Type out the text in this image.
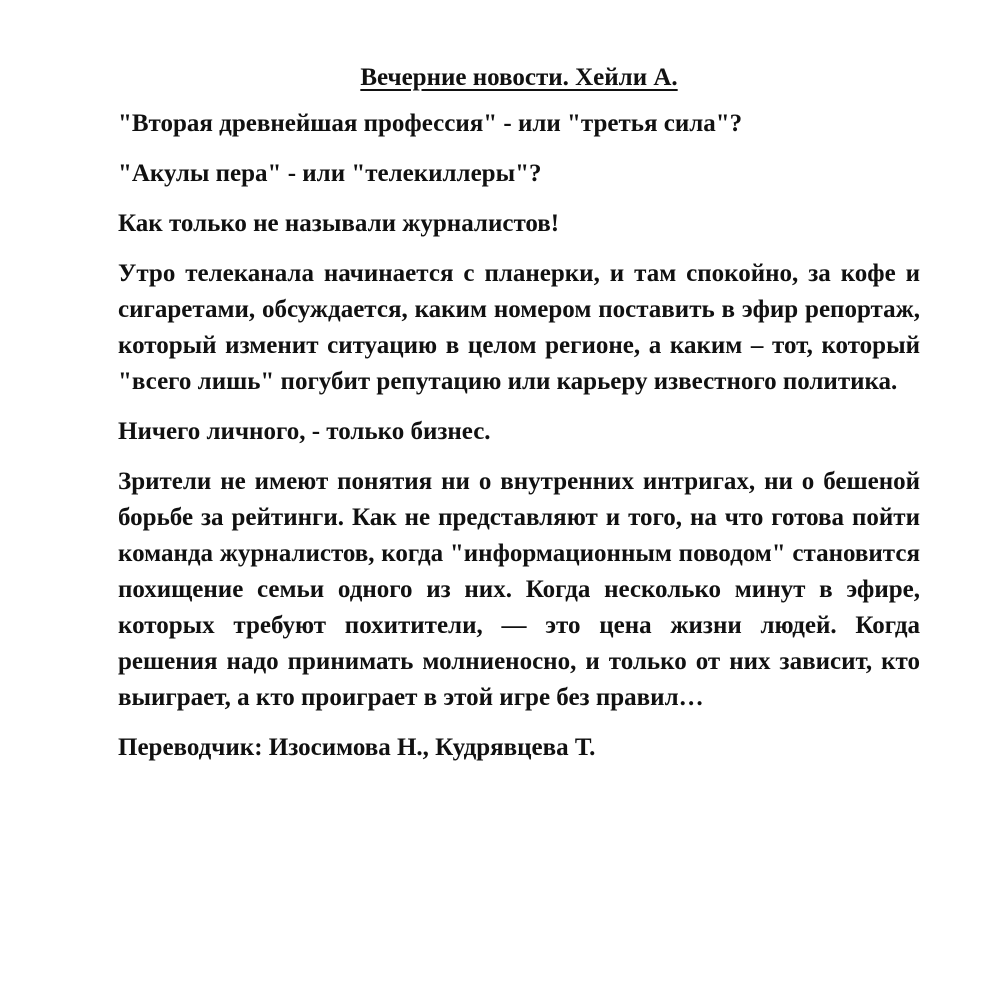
Вечерние новости. Хейли А.

"Вторая древнейшая профессия" - или "третья сила"?

"Акулы пера" - или "телекиллеры"?

Как только не называли журналистов!

Утро телеканала начинается с планерки, и там спокойно, за кофе и сигаретами, обсуждается, каким номером поставить в эфир репортаж, который изменит ситуацию в целом регионе, а каким – тот, который "всего лишь" погубит репутацию или карьеру известного политика.

Ничего личного, - только бизнес.

Зрители не имеют понятия ни о внутренних интригах, ни о бешеной борьбе за рейтинги. Как не представляют и того, на что готова пойти команда журналистов, когда "информационным поводом" становится похищение семьи одного из них. Когда несколько минут в эфире, которых требуют похитители, — это цена жизни людей. Когда решения надо принимать молниеносно, и только от них зависит, кто выиграет, а кто проиграет в этой игре без правил…

Переводчик: Изосимова Н., Кудрявцева Т.
